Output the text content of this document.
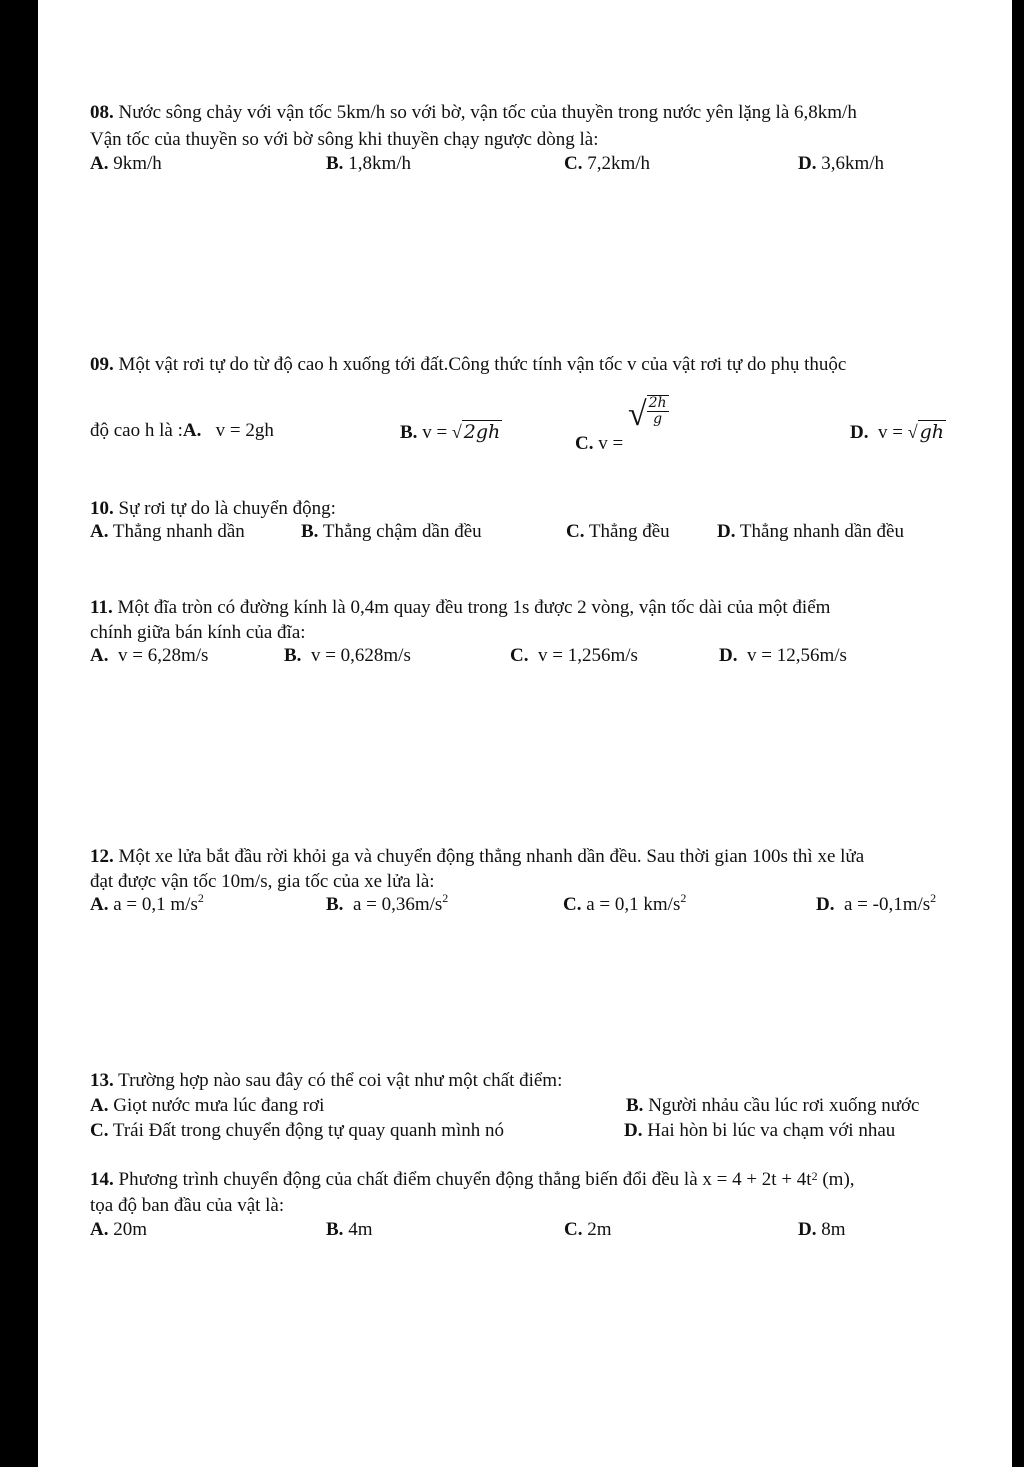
08. Nước sông chảy với vận tốc 5km/h so với bờ, vận tốc của thuyền trong nước yên lặng là 6,8km/h
Vận tốc của thuyền so với bờ sông khi thuyền chạy ngược dòng là:
A. 9km/h	B. 1,8km/h	C. 7,2km/h	D. 3,6km/h
09. Một vật rơi tự do từ độ cao h xuống tới đất.Công thức tính vận tốc v của vật rơi tự do phụ thuộc
độ cao h là :A. v = 2gh	B. v = √ 2gh
C. v = √ $\frac{2h}{g}$
D. v = √ gh
10. Sự rơi tự do là chuyển động:
A. Thẳng nhanh dần	B. Thẳng chậm dần đều	C. Thẳng đều D. Thẳng nhanh dần đều
11. Một đĩa tròn có đường kính là 0,4m quay đều trong 1s được 2 vòng, vận tốc dài của một điểm
chính giữa bán kính của đĩa:
A. v = 6,28m/s	B. v = 0,628m/s	C. v = 1,256m/s	D. v = 12,56m/s
12. Một xe lửa bắt đầu rời khỏi ga và chuyển động thẳng nhanh dần đều. Sau thời gian 100s thì xe lửa
đạt được vận tốc 10m/s, gia tốc của xe lửa là:
A. a = 0,1 $m/s^2$	B. $a = 0,36m/s^2$	C. a = 0,1 $km/s^2$	D. $a = -0,1m/s^2$
13. Trường hợp nào sau đây có thể coi vật như một chất điểm:
A. Giọt nước mưa lúc đang rơi	B. Người nhảu cầu lúc rơi xuống nước
C. Trái Đất trong chuyển động tự quay quanh mình nó	D. Hai hòn bi lúc va chạm với nhau
14. Phương trình chuyển động của chất điểm chuyển động thẳng biến đổi đều là $x = 4 + 2t + 4t^2$ (m),
tọa độ ban đầu của vật là:
A. 20m	B. 4m	C. 2m	D. 8m
